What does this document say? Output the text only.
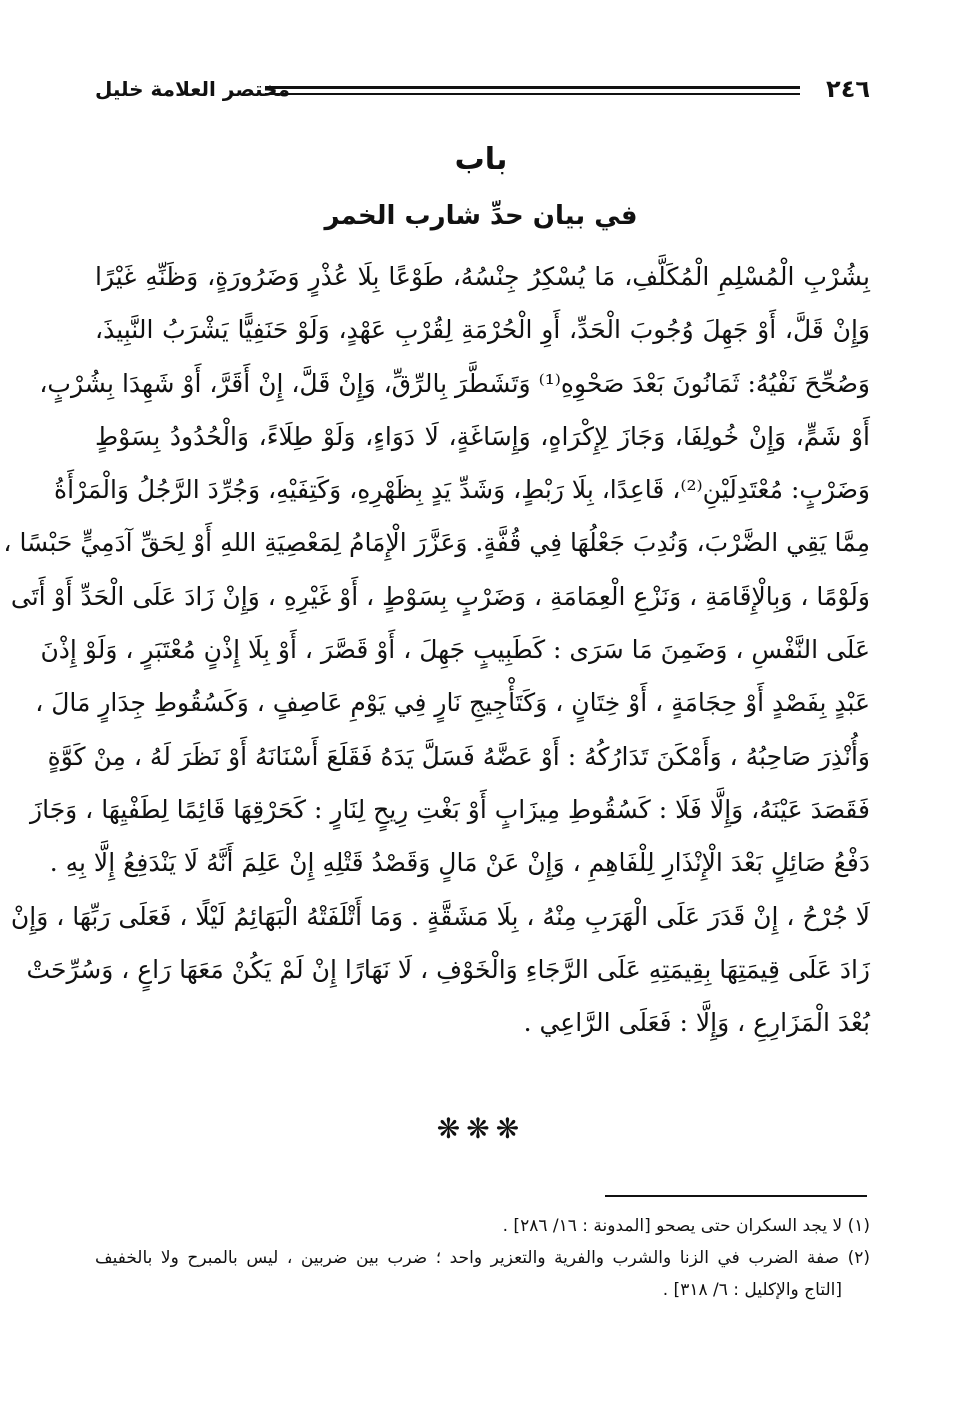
٢٤٦
مختصر العلامة خليل
باب
في بيان حدِّ شارب الخمر
بِشُرْبِ الْمُسْلِمِ الْمُكَلَّفِ، مَا يُسْكِرُ جِنْسُهُ، طَوْعًا بِلَا عُذْرٍ وَضَرُورَةٍ، وَظَنِّهِ غَيْرًا
وَإِنْ قَلَّ، أَوْ جَهِلَ وُجُوبَ الْحَدِّ، أَوِ الْحُرْمَةِ لِقُرْبِ عَهْدٍ، وَلَوْ حَنَفِيًّا يَشْرَبُ النَّبِيذَ،
وَصُحِّحَ نَفْيُهُ: ثَمَانُونَ بَعْدَ صَحْوِهِ⁽¹⁾ وَتَشَطَّرَ بِالرِّقِّ، وَإِنْ قَلَّ، إِنْ أَقَرَّ، أَوْ شَهِدَا بِشُرْبٍ،
أَوْ شَمٍّ، وَإِنْ خُولِفَا، وَجَازَ لِإِكْرَاهٍ، وَإِسَاغَةٍ، لَا دَوَاءٍ، وَلَوْ طِلَاءً، وَالْحُدُودُ بِسَوْطٍ
وَضَرْبٍ: مُعْتَدِلَيْنِ⁽²⁾، قَاعِدًا، بِلَا رَبْطٍ، وَشَدِّ يَدٍ بِظَهْرِهِ، وَكَتِفَيْهِ، وَجُرِّدَ الرَّجُلُ وَالْمَرْأَةُ
مِمَّا يَقِي الضَّرْبَ، وَنُدِبَ جَعْلُهَا فِي قُفَّةٍ. وَعَزَّرَ الْإِمَامُ لِمَعْصِيَةِ اللهِ أَوْ لِحَقِّ آدَمِيٍّ حَبْسًا ،
وَلَوْمًا ، وَبِالْإِقَامَةِ ، وَنَزْعِ الْعِمَامَةِ ، وَضَرْبٍ بِسَوْطٍ ، أَوْ غَيْرِهِ ، وَإِنْ زَادَ عَلَى الْحَدِّ أَوْ أَتَى
عَلَى النَّفْسِ ، وَضَمِنَ مَا سَرَى : كَطَبِيبٍ جَهِلَ ، أَوْ قَصَّرَ ، أَوْ بِلَا إِذْنٍ مُعْتَبَرٍ ، وَلَوْ إِذْنَ
عَبْدٍ بِفَصْدٍ أَوْ حِجَامَةٍ ، أَوْ خِتَانٍ ، وَكَتَأْجِيجِ نَارٍ فِي يَوْمِ عَاصِفٍ ، وَكَسُقُوطِ جِدَارٍ مَالَ ،
وَأُنْذِرَ صَاحِبُهُ ، وَأَمْكَنَ تَدَارُكُهُ : أَوْ عَضَّهُ فَسَلَّ يَدَهُ فَقَلَعَ أَسْنَانَهُ أَوْ نَظَرَ لَهُ ، مِنْ كَوَّةٍ
فَقَصَدَ عَيْنَهُ، وَإِلَّا فَلَا : كَسُقُوطِ مِيزَابٍ أَوْ بَغْتِ رِيحٍ لِنَارٍ : كَحَرْقِهَا قَائِمًا لِطَفْيِهَا ، وَجَازَ
دَفْعُ صَائِلٍ بَعْدَ الْإِنْذَارِ لِلْفَاهِمِ ، وَإِنْ عَنْ مَالٍ وَقَصْدُ قَتْلِهِ إِنْ عَلِمَ أَنَّهُ لَا يَنْدَفِعُ إِلَّا بِهِ .
لَا جُرْحُ ، إِنْ قَدَرَ عَلَى الْهَرَبِ مِنْهُ ، بِلَا مَشَقَّةٍ . وَمَا أَتْلَفَتْهُ الْبَهَائِمُ لَيْلًا ، فَعَلَى رَبِّهَا ، وَإِنْ
زَادَ عَلَى قِيمَتِهَا بِقِيمَتِهِ عَلَى الرَّجَاءِ وَالْخَوْفِ ، لَا نَهَارًا إِنْ لَمْ يَكُنْ مَعَهَا رَاعٍ ، وَسُرِّحَتْ
بُعْدَ الْمَزَارِعِ ، وَإِلَّا : فَعَلَى الرَّاعِي .
❋❋❋
(١) لا يجد السكران حتى يصحو [المدونة : ١٦/ ٢٨٦] .
(٢) صفة الضرب في الزنا والشرب والفرية والتعزير واحد ؛ ضرب بين ضربين ، ليس بالمبرح ولا بالخفيف
[التاج والإكليل : ٦/ ٣١٨] .
